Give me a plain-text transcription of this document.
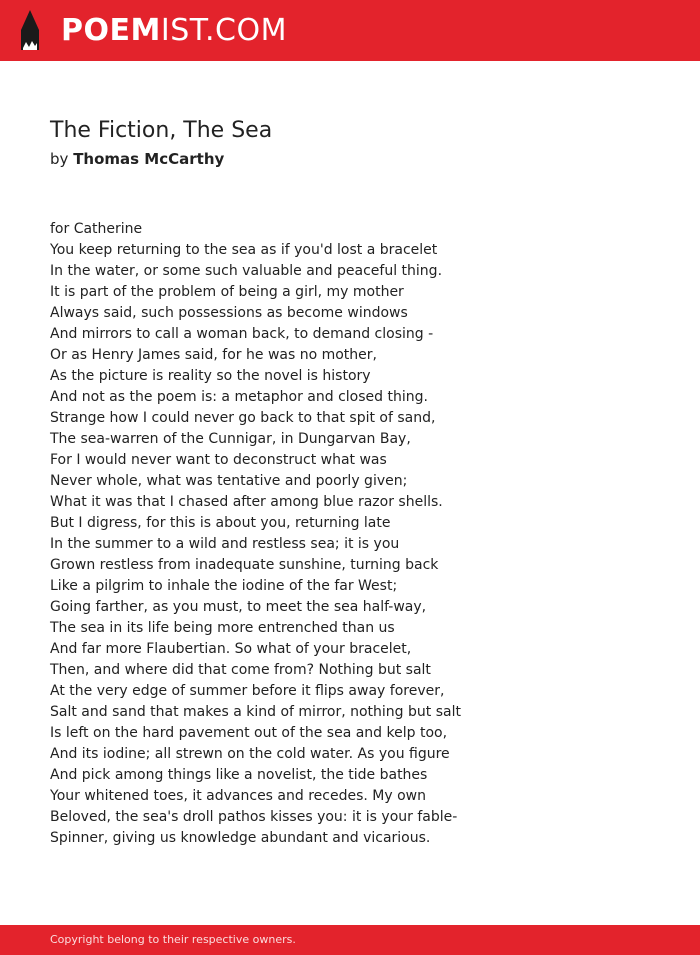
POEMIST.COM
The Fiction, The Sea
by Thomas McCarthy
for Catherine
You keep returning to the sea as if you'd lost a bracelet
In the water, or some such valuable and peaceful thing.
It is part of the problem of being a girl, my mother
Always said, such possessions as become windows
And mirrors to call a woman back, to demand closing -
Or as Henry James said, for he was no mother,
As the picture is reality so the novel is history
And not as the poem is: a metaphor and closed thing.
Strange how I could never go back to that spit of sand,
The sea-warren of the Cunnigar, in Dungarvan Bay,
For I would never want to deconstruct what was
Never whole, what was tentative and poorly given;
What it was that I chased after among blue razor shells.
But I digress, for this is about you, returning late
In the summer to a wild and restless sea; it is you
Grown restless from inadequate sunshine, turning back
Like a pilgrim to inhale the iodine of the far West;
Going farther, as you must, to meet the sea half-way,
The sea in its life being more entrenched than us
And far more Flaubertian. So what of your bracelet,
Then, and where did that come from? Nothing but salt
At the very edge of summer before it flips away forever,
Salt and sand that makes a kind of mirror, nothing but salt
Is left on the hard pavement out of the sea and kelp too,
And its iodine; all strewn on the cold water. As you figure
And pick among things like a novelist, the tide bathes
Your whitened toes, it advances and recedes. My own
Beloved, the sea's droll pathos kisses you: it is your fable-
Spinner, giving us knowledge abundant and vicarious.
Copyright belong to their respective owners.
